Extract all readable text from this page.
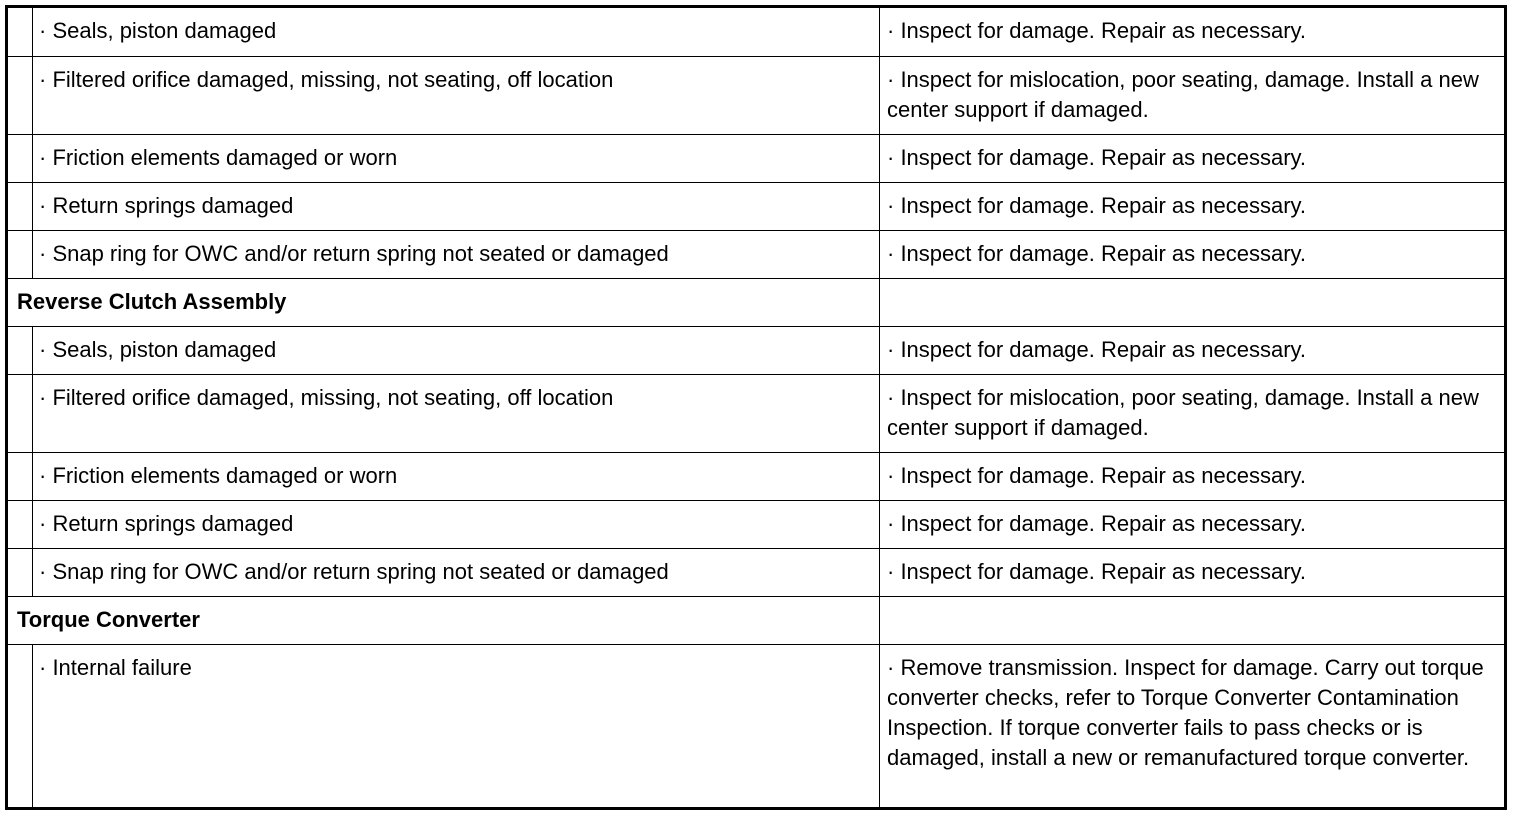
· Seals, piston damaged	· Inspect for damage. Repair as necessary.
· Filtered orifice damaged, missing, not seating, off location	· Inspect for mislocation, poor seating, damage. Install a new center support if damaged.
· Friction elements damaged or worn	· Inspect for damage. Repair as necessary.
· Return springs damaged	· Inspect for damage. Repair as necessary.
· Snap ring for OWC and/or return spring not seated or damaged	· Inspect for damage. Repair as necessary.
Reverse Clutch Assembly
· Seals, piston damaged	· Inspect for damage. Repair as necessary.
· Filtered orifice damaged, missing, not seating, off location	· Inspect for mislocation, poor seating, damage. Install a new center support if damaged.
· Friction elements damaged or worn	· Inspect for damage. Repair as necessary.
· Return springs damaged	· Inspect for damage. Repair as necessary.
· Snap ring for OWC and/or return spring not seated or damaged	· Inspect for damage. Repair as necessary.
Torque Converter
· Internal failure	· Remove transmission. Inspect for damage. Carry out torque converter checks, refer to Torque Converter Contamination Inspection. If torque converter fails to pass checks or is damaged, install a new or remanufactured torque converter.
